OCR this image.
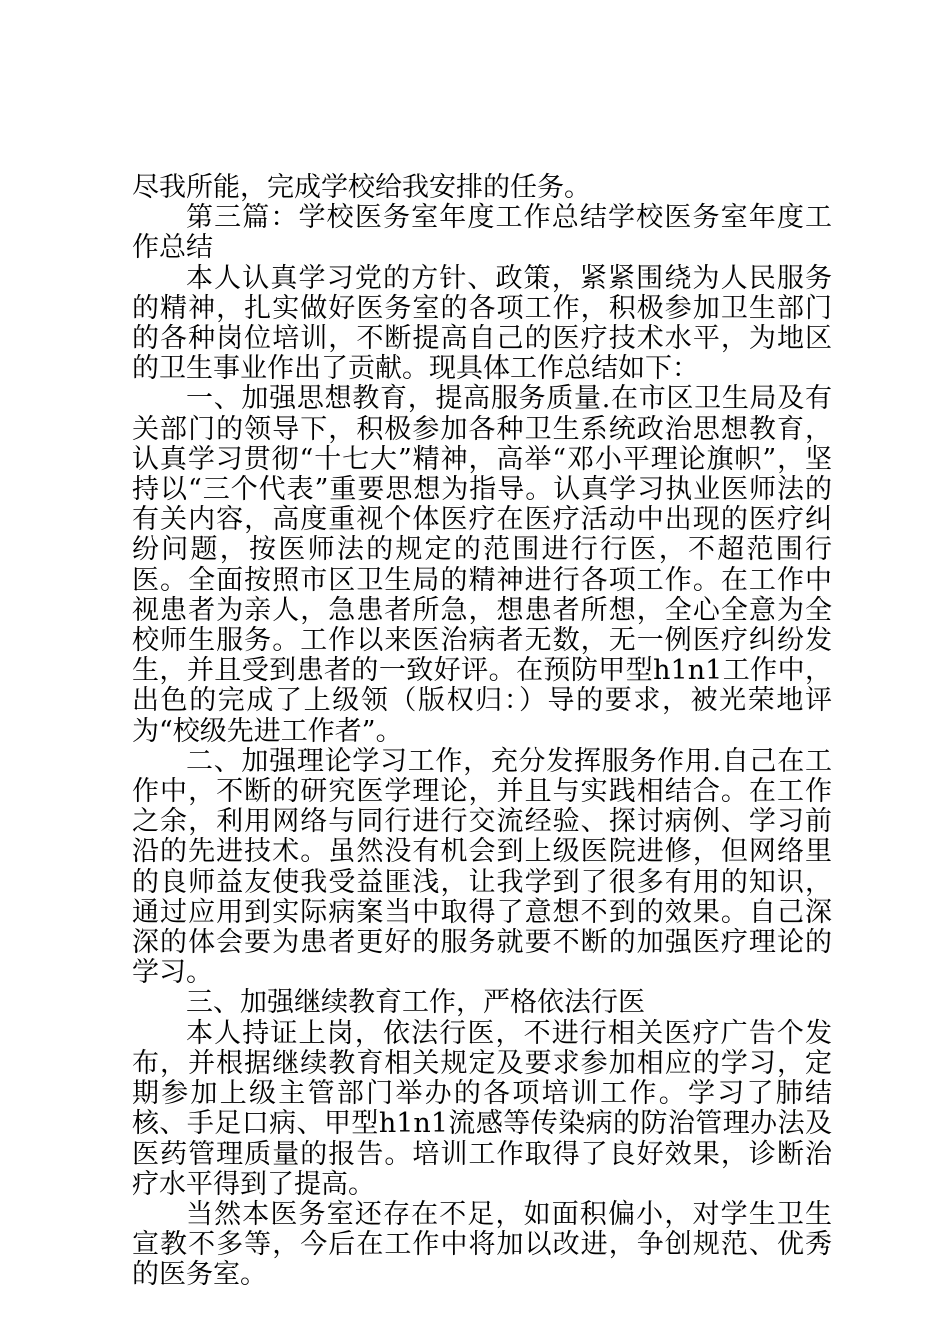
尽我所能，完成学校给我安排的任务。

第三篇：学校医务室年度工作总结学校医务室年度工作总结

本人认真学习党的方针、政策，紧紧围绕为人民服务的精神，扎实做好医务室的各项工作，积极参加卫生部门的各种岗位培训，不断提高自己的医疗技术水平，为地区的卫生事业作出了贡献。现具体工作总结如下：

一、加强思想教育，提高服务质量.在市区卫生局及有关部门的领导下，积极参加各种卫生系统政治思想教育，认真学习贯彻“十七大”精神，高举“邓小平理论旗帜”，坚持以“三个代表”重要思想为指导。认真学习执业医师法的有关内容，高度重视个体医疗在医疗活动中出现的医疗纠纷问题，按医师法的规定的范围进行行医，不超范围行医。全面按照市区卫生局的精神进行各项工作。在工作中视患者为亲人，急患者所急，想患者所想，全心全意为全校师生服务。工作以来医治病者无数，无一例医疗纠纷发生，并且受到患者的一致好评。在预防甲型h1n1工作中，出色的完成了上级领（版权归：）导的要求，被光荣地评为“校级先进工作者”。

二、加强理论学习工作，充分发挥服务作用.自己在工作中，不断的研究医学理论，并且与实践相结合。在工作之余，利用网络与同行进行交流经验、探讨病例、学习前沿的先进技术。虽然没有机会到上级医院进修，但网络里的良师益友使我受益匪浅，让我学到了很多有用的知识，通过应用到实际病案当中取得了意想不到的效果。自己深深的体会要为患者更好的服务就要不断的加强医疗理论的学习。

三、加强继续教育工作，严格依法行医

本人持证上岗，依法行医，不进行相关医疗广告个发布，并根据继续教育相关规定及要求参加相应的学习，定期参加上级主管部门举办的各项培训工作。学习了肺结核、手足口病、甲型h1n1流感等传染病的防治管理办法及医药管理质量的报告。培训工作取得了良好效果，诊断治疗水平得到了提高。

当然本医务室还存在不足，如面积偏小，对学生卫生宣教不多等，今后在工作中将加以改进，争创规范、优秀的医务室。
